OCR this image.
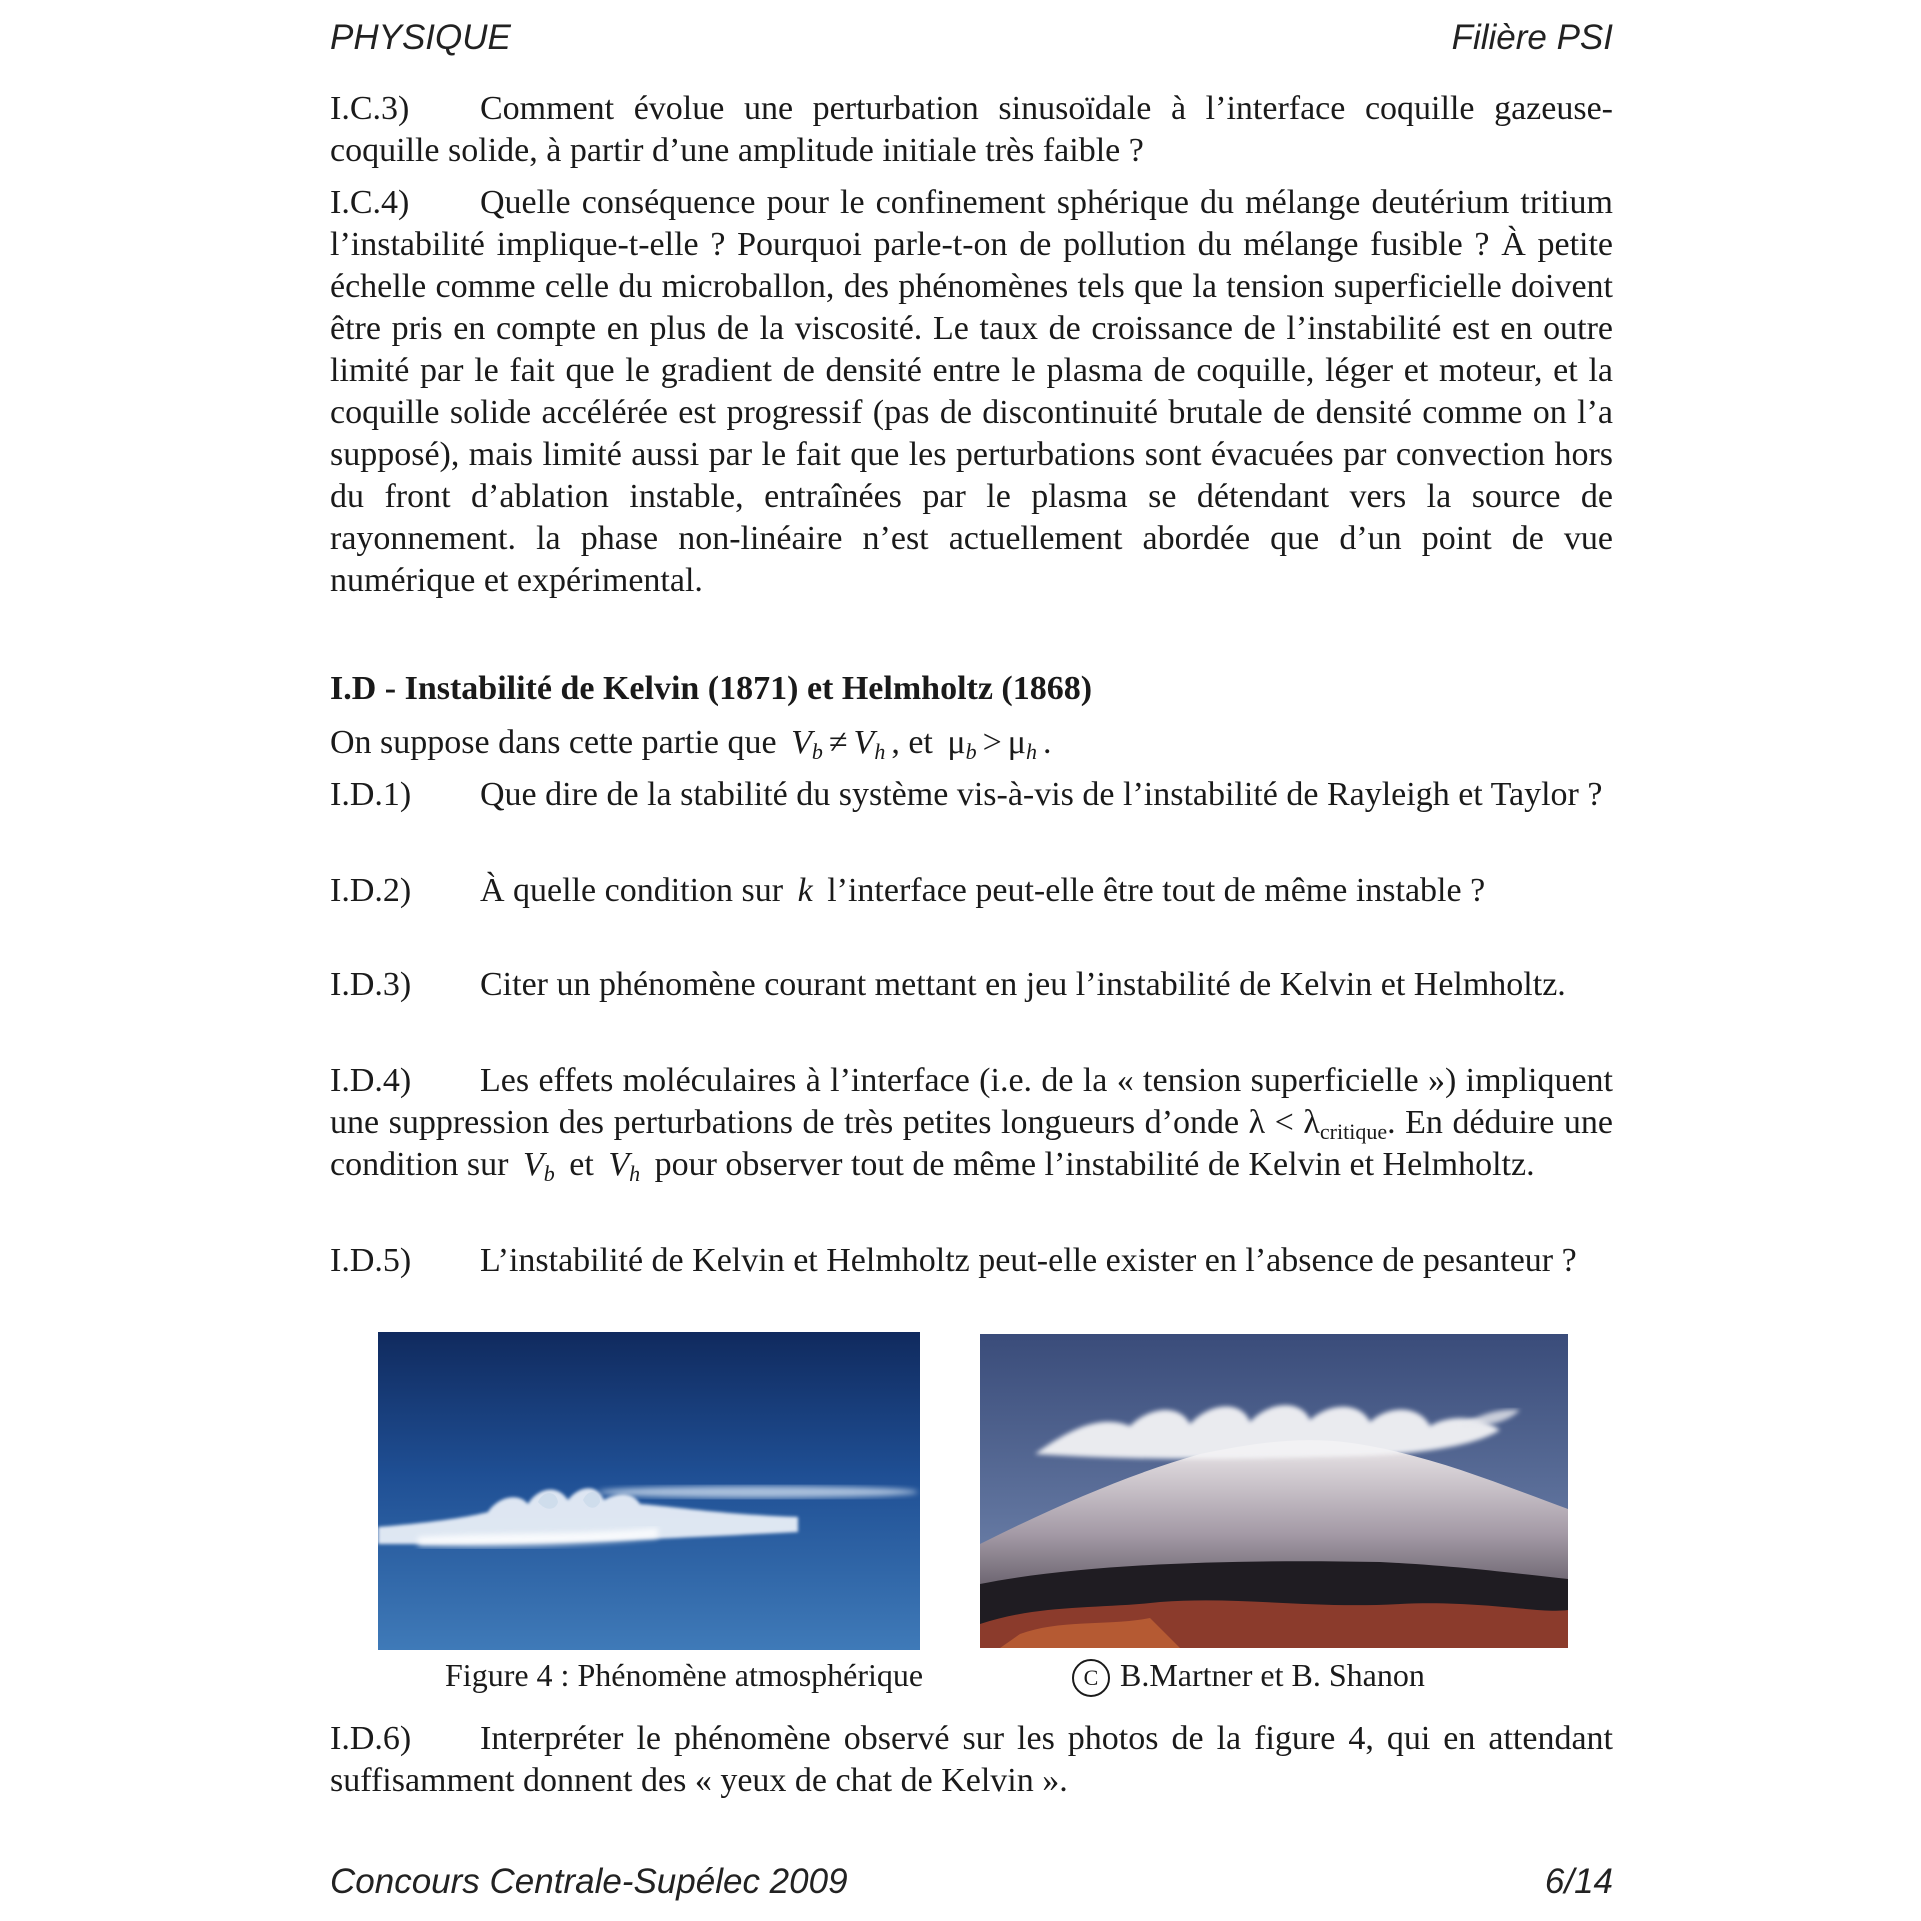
PHYSIQUE	Filière PSI
I.C.3) Comment évolue une perturbation sinusoïdale à l’interface coquille gazeuse-coquille solide, à partir d’une amplitude initiale très faible ?
I.C.4) Quelle conséquence pour le confinement sphérique du mélange deutérium tritium l’instabilité implique-t-elle ? Pourquoi parle-t-on de pollution du mélange fusible ? À petite échelle comme celle du microballon, des phénomènes tels que la tension superficielle doivent être pris en compte en plus de la viscosité. Le taux de croissance de l’instabilité est en outre limité par le fait que le gradient de densité entre le plasma de coquille, léger et moteur, et la coquille solide accélérée est progressif (pas de discontinuité brutale de densité comme on l’a supposé), mais limité aussi par le fait que les perturbations sont évacuées par convection hors du front d’ablation instable, entraînées par le plasma se détendant vers la source de rayonnement. la phase non-linéaire n’est actuellement abordée que d’un point de vue numérique et expérimental.
I.D - Instabilité de Kelvin (1871) et Helmholtz (1868)
On suppose dans cette partie que $V_b \ne V_h$ , et $\mu_b > \mu_h$ .
I.D.1) Que dire de la stabilité du système vis-à-vis de l’instabilité de Rayleigh et Taylor ?
I.D.2) À quelle condition sur k l’interface peut-elle être tout de même instable ?
I.D.3) Citer un phénomène courant mettant en jeu l’instabilité de Kelvin et Helmholtz.
I.D.4) Les effets moléculaires à l’interface (i.e. de la « tension superficielle ») impliquent une suppression des perturbations de très petites longueurs d’onde $\lambda < \lambda_{critique}$. En déduire une condition sur $V_b$ et $V_h$ pour observer tout de même l’instabilité de Kelvin et Helmholtz.
I.D.5) L’instabilité de Kelvin et Helmholtz peut-elle exister en l’absence de pesanteur ?
Figure 4 : Phénomène atmosphérique	C B.Martner et B. Shanon
I.D.6) Interpréter le phénomène observé sur les photos de la figure 4, qui en attendant suffisamment donnent des « yeux de chat de Kelvin ».
Concours Centrale-Supélec 2009	6/14
